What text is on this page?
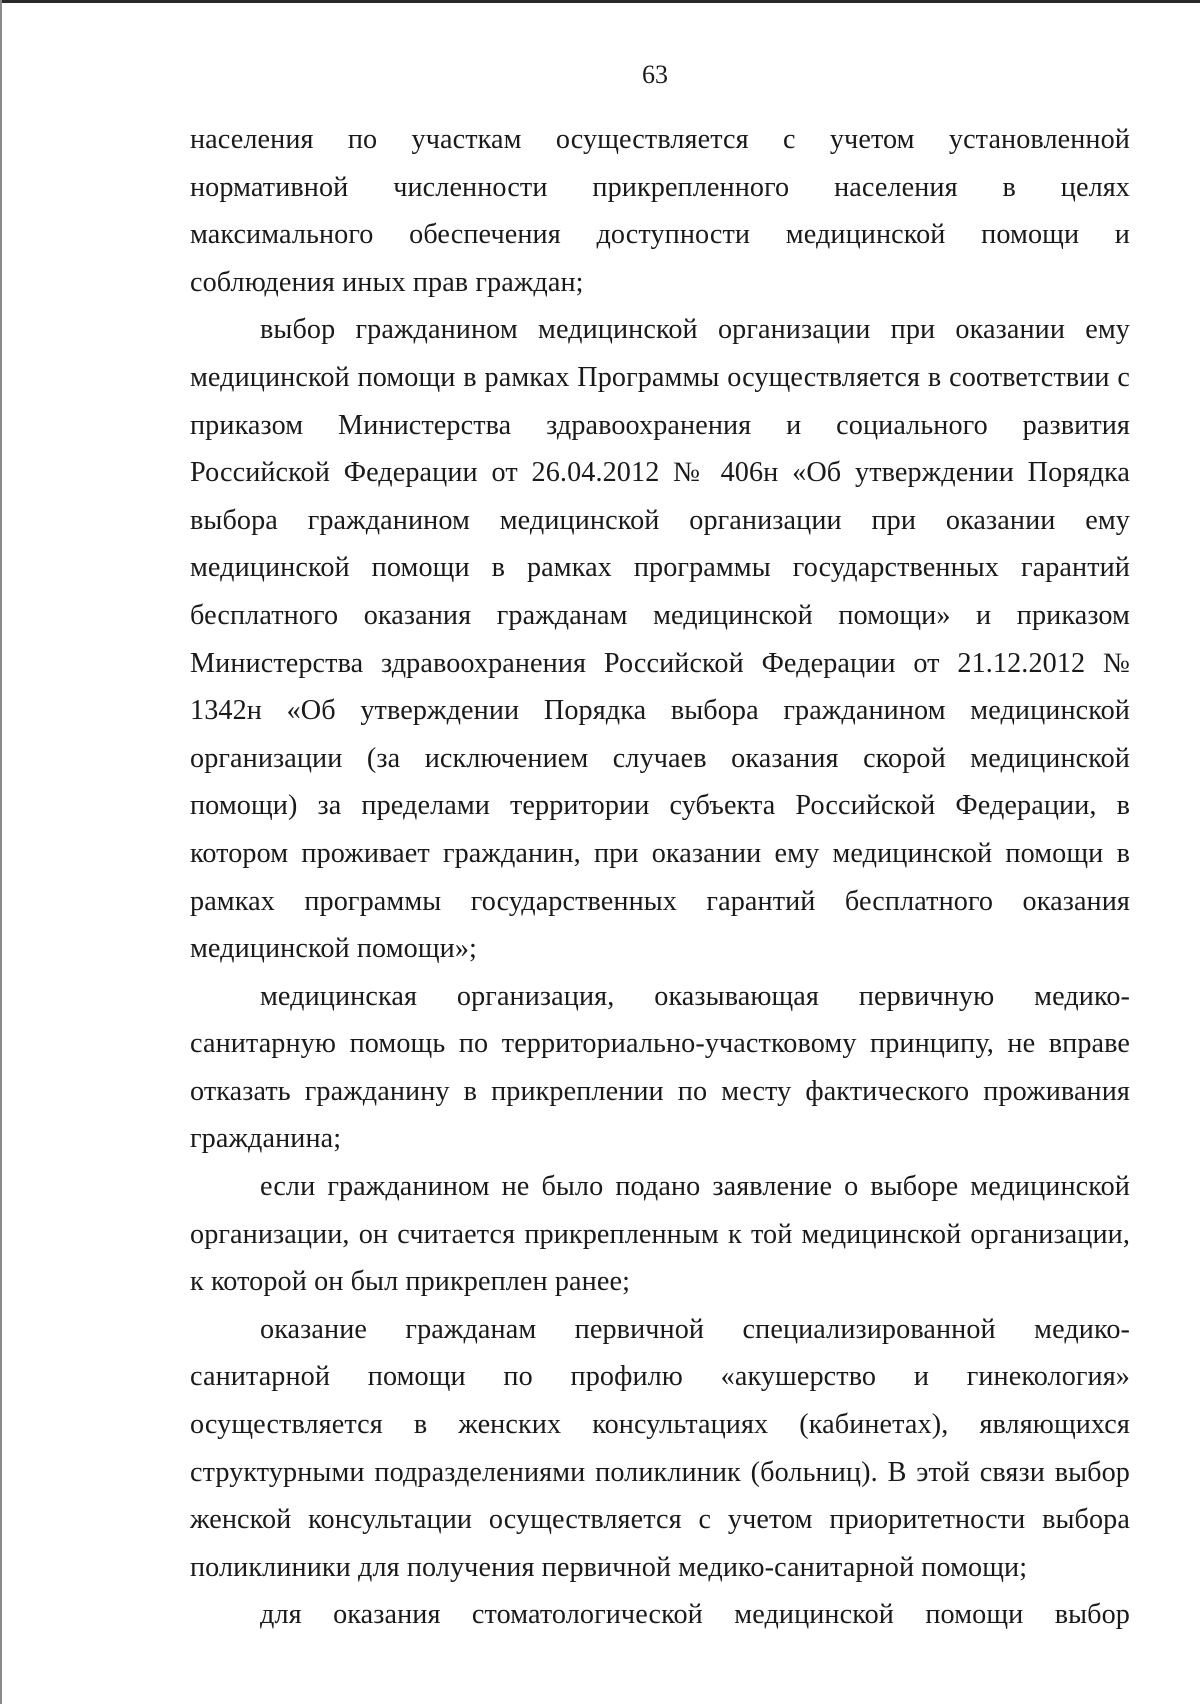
63

населения по участкам осуществляется с учетом установленной нормативной численности прикрепленного населения в целях максимального обеспечения доступности медицинской помощи и соблюдения иных прав граждан;

выбор гражданином медицинской организации при оказании ему медицинской помощи в рамках Программы осуществляется в соответствии с приказом Министерства здравоохранения и социального развития Российской Федерации от 26.04.2012 № 406н «Об утверждении Порядка выбора гражданином медицинской организации при оказании ему медицинской помощи в рамках программы государственных гарантий бесплатного оказания гражданам медицинской помощи» и приказом Министерства здравоохранения Российской Федерации от 21.12.2012 № 1342н «Об утверждении Порядка выбора гражданином медицинской организации (за исключением случаев оказания скорой медицинской помощи) за пределами территории субъекта Российской Федерации, в котором проживает гражданин, при оказании ему медицинской помощи в рамках программы государственных гарантий бесплатного оказания медицинской помощи»;

медицинская организация, оказывающая первичную медико-санитарную помощь по территориально-участковому принципу, не вправе отказать гражданину в прикреплении по месту фактического проживания гражданина;

если гражданином не было подано заявление о выборе медицинской организации, он считается прикрепленным к той медицинской организации, к которой он был прикреплен ранее;

оказание гражданам первичной специализированной медико-санитарной помощи по профилю «акушерство и гинекология» осуществляется в женских консультациях (кабинетах), являющихся структурными подразделениями поликлиник (больниц). В этой связи выбор женской консультации осуществляется с учетом приоритетности выбора поликлиники для получения первичной медико-санитарной помощи;

для оказания стоматологической медицинской помощи выбор
